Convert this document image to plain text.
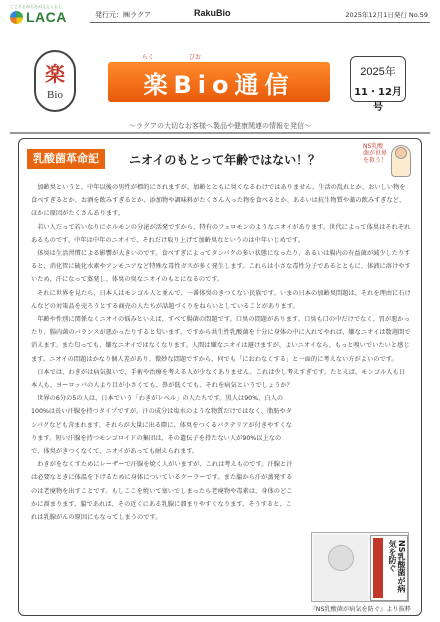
こころとからだのええくらし
LACA	発行元：㈱ラクア	RakuBio	2025年12月1日発行 No.59
楽
Bio
らく	びお
楽Bio通信	2025年
11・12月号
～ラクアの大切なお客様へ製品や健康関連の情報を発信～
乳酸菌革命記	ニオイのもとって年齢ではない！？
NS乳酸菌が世界を救う！

加齢臭というと、中年以後の男性が標的にされますが、加齢とともに臭くなるわけではありません。生活の乱れとか、おいしい物を食べすぎるとか、お酒を飲みすぎるとか、添加物や調味料がたくさん入った物を食べるとか、あるいは抗生物質や薬の飲みすぎなど、ほかに原因がたくさんあります。

若い人だって若いなりにホルモンの分泌が活発ですから、特有のフェロモンのようなニオイがあります。世代によって体臭はそれぞれあるものです。中年は中年のニオイで、それだけ取り上げて加齢臭なというのは中年いじめです。

体臭は生活習慣による影響が大きいのです。食べすぎによってタンパクの多い状態になったり、あるいは腸内の有益菌が減少したりすると、消化管に硫化水素やアンモニアなど特殊な毒性ガスが多く発生します。これらは小さな毒性分子であるとともに、体液に溶けやすいため、汗になって蒸発し、体臭の臭なニオイのもとになるのです。

それに世界を見たら、日本人はモンゴル人と並んで、一番体臭のきつくない民族です。いまの日本の加齢臭問題は、それを理由に石けんなどの対策品を売ろうとする商売の人たちが話題づくりをねらいとしていることがあります。

年齢や性別に関係なくニオイの悩みといえば、すべて腸菌の問題です。口臭の問題があります。口臭も口の中だけでなく、胃が悪かったり、腸内菌のバランスが悪かったりすると匂います。ですから共生性乳酸菌を十分に身体の中に入れてやれば、嫌なニオイは数週間で消えます。また匂っても、嫌なニオイではなくなります。人間は嫌なニオイは避けますが、よいニオイなら、もっと嗅いでいたいと感じます。ニオイの問題はかなり個人差があり、微妙な問題ですから、何でも「におわなくする」と一面的に考えない方がよいのです。

日本では、わきがは病気扱いで、手術や治療を考える人が少なくありません。これは少し考えすぎです。たとえば、モンゴル人も日本人も、ヨーロッパの人より目が小さくても、鼻が低くても、それを病気というでしょうか？

世界の6分の5の人は、日本でいう「わきがレベル」の人たちです。黒人は90%、白人の100%は長い汗腺を持つタイプですが、汗の成分は塩水のような物質だけではなく、脂肪やタンパクなども含まれます。それらが大量に出る際に、体臭をつくるバクテリアが付きやすくなります。短い汗腺を持つモンゴロイドの集団は、その遺伝子を持たない人が90%以上なので、体臭がきつくなくて、ニオイがあっても耐えられます。

わきがをなくすためにレーザーで汗腺を焼く人がいますが、これは考えものです。汗腺と汗は必要なときに体温を下げるために身体についているクーラーです。また脇から汗が蒸発するのは老廃物を出すことです。もしここを焼いて塞いでしまったら老廃物や毒素は、身体のどこかに溜まります。脇であれば、その近くにある乳腺に溜まりやすくなります。そうすると、これは乳腺がんの原因にもなってしまうのです。

NS乳酸菌が病気を防ぐ
『NS乳酸菌が病気を防ぐ』より抜粋
